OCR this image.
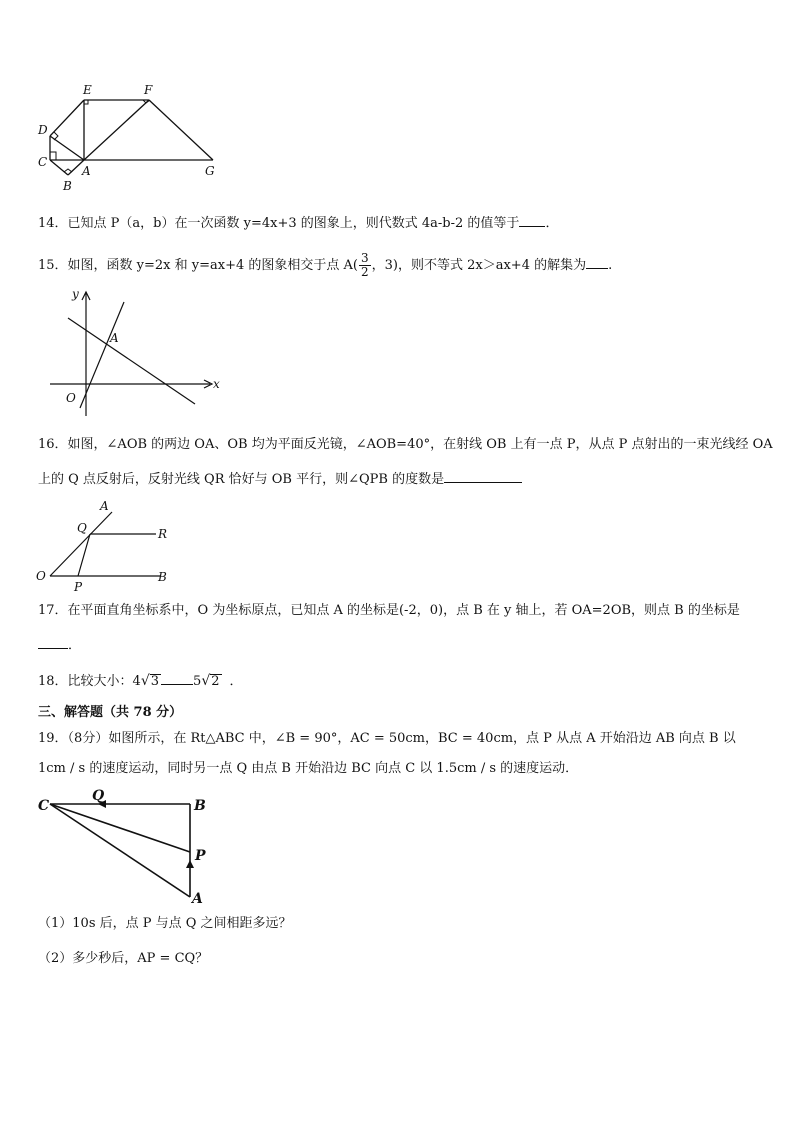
E	F
D
C
A
B
G
14．已知点 P（a，b）在一次函数 y=4x+3 的图象上，则代数式 4a-b-2 的值等于 ．
15．如图，函数 y=2x 和 y=ax+4 的图象相交于点 $A( \frac{3}{2}$ ，3)，则不等式 2x＞ax+4 的解集为 .
y
x
A
O
16．如图，∠AOB 的两边 OA、OB 均为平面反光镜，∠AOB=40°，在射线 OB 上有一点 P，从点 P 点射出的一束光线经 OA
上的 Q 点反射后，反射光线 QR 恰好与 OB 平行，则∠QPB 的度数是
A
Q	R
O
P
B
17．在平面直角坐标系中，O 为坐标原点，已知点 A 的坐标是(-2，0)，点 B 在 y 轴上，若 OA=2OB，则点 B 的坐标是
．
18．比较大小：4√3	5√2 ．
三、解答题（共 78 分）
19．（8分）如图所示，在 Rt△ABC 中，∠B = 90°，AC = 50cm，BC = 40cm，点 P 从点 A 开始沿边 AB 向点 B 以
1cm / s 的速度运动，同时另一点 Q 由点 B 开始沿边 BC 向点 C 以 1.5cm / s 的速度运动．
C
Q
B
P
A
（1）10s 后，点 P 与点 Q 之间相距多远？
（2）多少秒后，AP = CQ？
